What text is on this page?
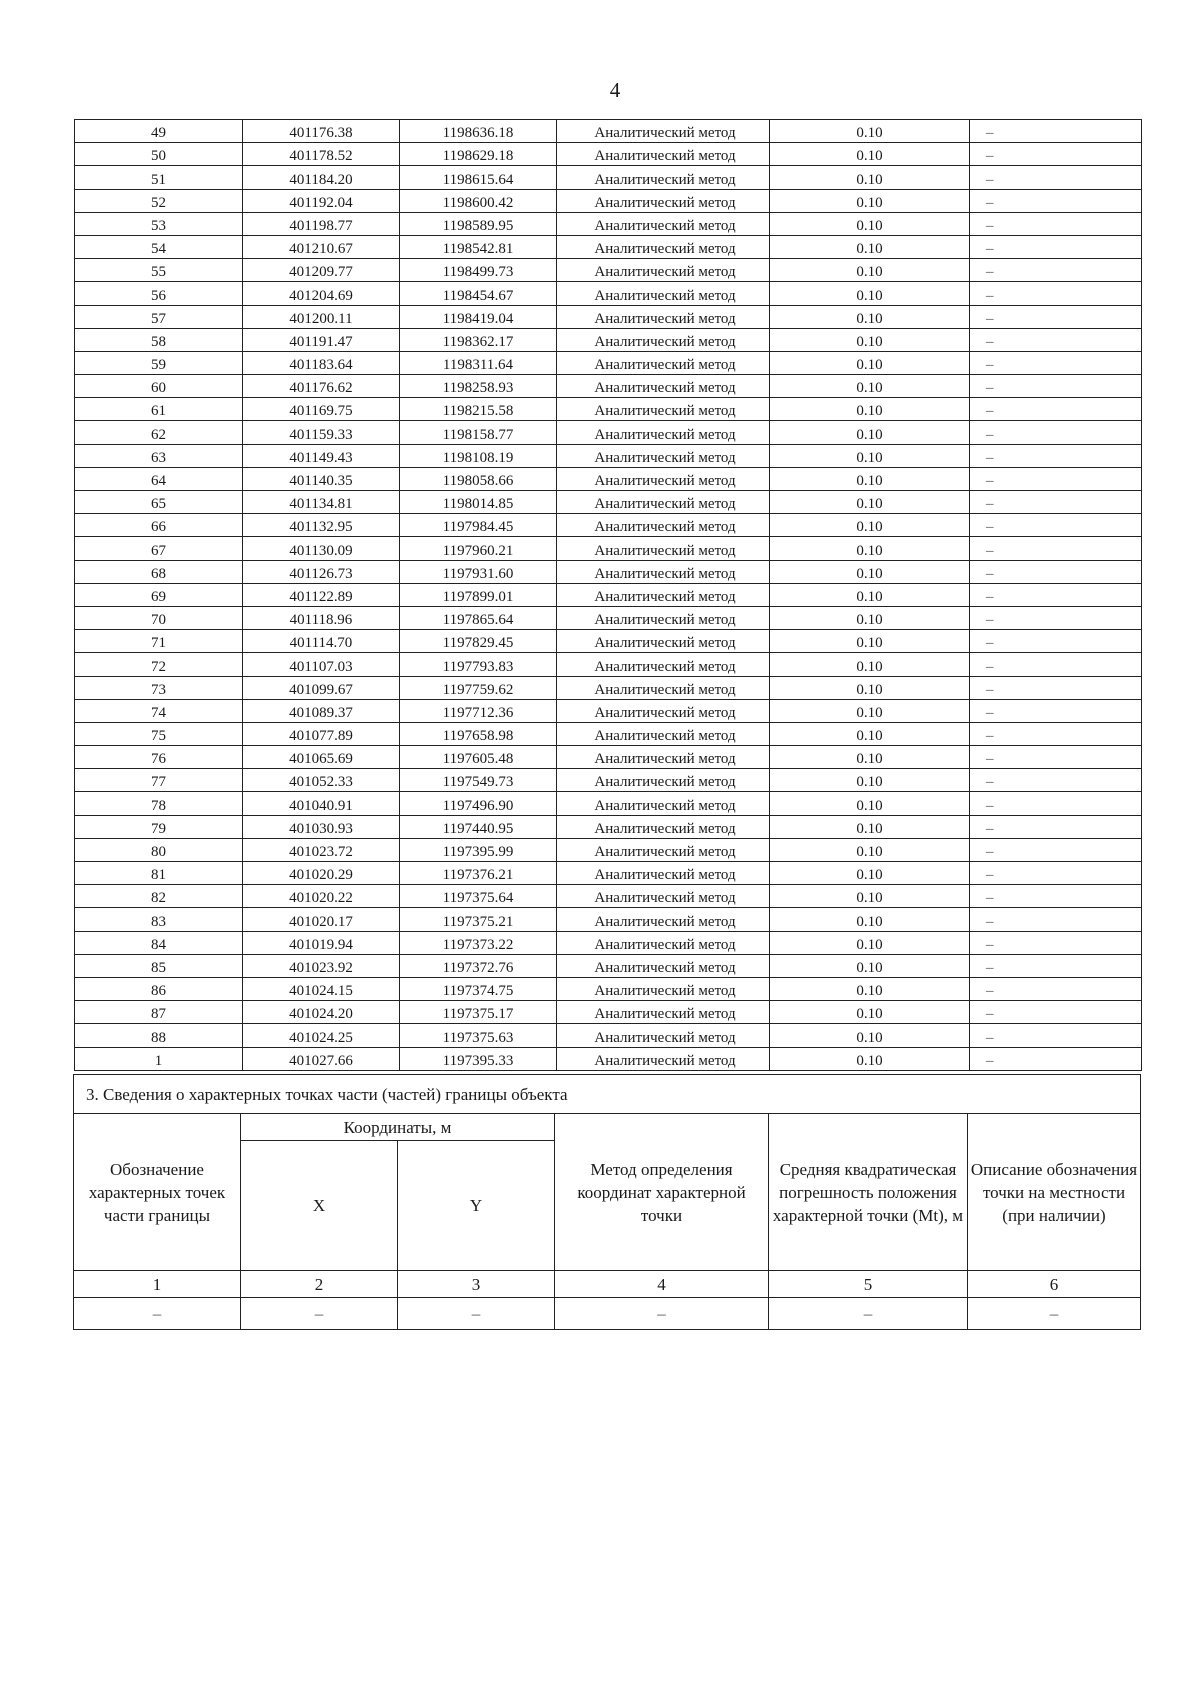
4
49	401176.38	1198636.18	Аналитический метод	0.10	–
50	401178.52	1198629.18	Аналитический метод	0.10	–
51	401184.20	1198615.64	Аналитический метод	0.10	–
52	401192.04	1198600.42	Аналитический метод	0.10	–
53	401198.77	1198589.95	Аналитический метод	0.10	–
54	401210.67	1198542.81	Аналитический метод	0.10	–
55	401209.77	1198499.73	Аналитический метод	0.10	–
56	401204.69	1198454.67	Аналитический метод	0.10	–
57	401200.11	1198419.04	Аналитический метод	0.10	–
58	401191.47	1198362.17	Аналитический метод	0.10	–
59	401183.64	1198311.64	Аналитический метод	0.10	–
60	401176.62	1198258.93	Аналитический метод	0.10	–
61	401169.75	1198215.58	Аналитический метод	0.10	–
62	401159.33	1198158.77	Аналитический метод	0.10	–
63	401149.43	1198108.19	Аналитический метод	0.10	–
64	401140.35	1198058.66	Аналитический метод	0.10	–
65	401134.81	1198014.85	Аналитический метод	0.10	–
66	401132.95	1197984.45	Аналитический метод	0.10	–
67	401130.09	1197960.21	Аналитический метод	0.10	–
68	401126.73	1197931.60	Аналитический метод	0.10	–
69	401122.89	1197899.01	Аналитический метод	0.10	–
70	401118.96	1197865.64	Аналитический метод	0.10	–
71	401114.70	1197829.45	Аналитический метод	0.10	–
72	401107.03	1197793.83	Аналитический метод	0.10	–
73	401099.67	1197759.62	Аналитический метод	0.10	–
74	401089.37	1197712.36	Аналитический метод	0.10	–
75	401077.89	1197658.98	Аналитический метод	0.10	–
76	401065.69	1197605.48	Аналитический метод	0.10	–
77	401052.33	1197549.73	Аналитический метод	0.10	–
78	401040.91	1197496.90	Аналитический метод	0.10	–
79	401030.93	1197440.95	Аналитический метод	0.10	–
80	401023.72	1197395.99	Аналитический метод	0.10	–
81	401020.29	1197376.21	Аналитический метод	0.10	–
82	401020.22	1197375.64	Аналитический метод	0.10	–
83	401020.17	1197375.21	Аналитический метод	0.10	–
84	401019.94	1197373.22	Аналитический метод	0.10	–
85	401023.92	1197372.76	Аналитический метод	0.10	–
86	401024.15	1197374.75	Аналитический метод	0.10	–
87	401024.20	1197375.17	Аналитический метод	0.10	–
88	401024.25	1197375.63	Аналитический метод	0.10	–
1	401027.66	1197395.33	Аналитический метод	0.10	–
3. Сведения о характерных точках части (частей) границы объекта					
Обозначение характерных точек части границы	Координаты, м		Метод определения координат характерной точки	Средняя квадратическая погрешность положения характерной точки (Mt), м	Описание обозначения точки на местности (при наличии)
	X	Y			
1	2	3	4	5	6
–	–	–	–	–	–
